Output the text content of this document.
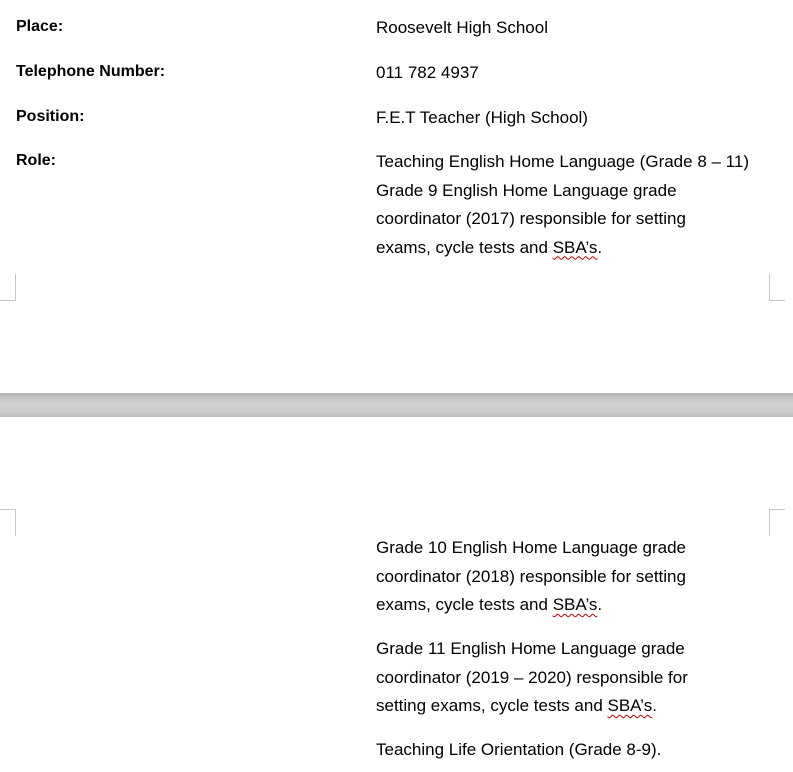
Place:	Roosevelt High School
Telephone Number:	011 782 4937
Position:	F.E.T Teacher (High School)
Role:	Teaching English Home Language (Grade 8 – 11)
Grade 9 English Home Language grade
coordinator (2017) responsible for setting
exams, cycle tests and SBA’s.
Grade 10 English Home Language grade
coordinator (2018) responsible for setting
exams, cycle tests and SBA’s.
Grade 11 English Home Language grade
coordinator (2019 – 2020) responsible for
setting exams, cycle tests and SBA’s.
Teaching Life Orientation (Grade 8-9).
